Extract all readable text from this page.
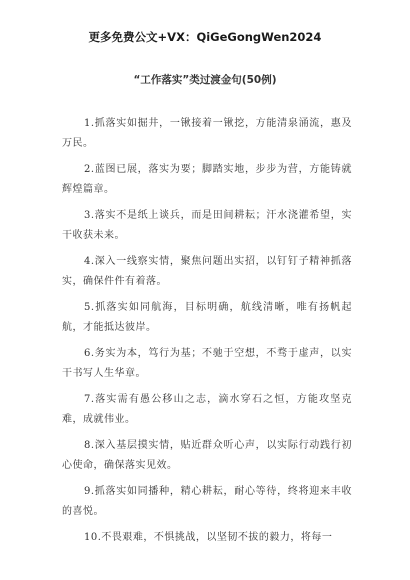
更多免费公文+VX：QiGeGongWen2024
“工作落实”类过渡金句(50例)

1.抓落实如掘井，一锹接着一锹挖，方能清泉涌流，惠及万民。

2.蓝图已展，落实为要；脚踏实地，步步为营，方能铸就辉煌篇章。

3.落实不是纸上谈兵，而是田间耕耘；汗水浇灌希望，实干收获未来。

4.深入一线察实情，聚焦问题出实招，以钉钉子精神抓落实，确保件件有着落。

5.抓落实如同航海，目标明确，航线清晰，唯有扬帆起航，才能抵达彼岸。

6.务实为本，笃行为基；不驰于空想，不骛于虚声，以实干书写人生华章。

7.落实需有愚公移山之志，滴水穿石之恒，方能攻坚克难，成就伟业。

8.深入基层摸实情，贴近群众听心声，以实际行动践行初心使命，确保落实见效。

9.抓落实如同播种，精心耕耘，耐心等待，终将迎来丰收的喜悦。

10.不畏艰难，不惧挑战，以坚韧不拔的毅力，将每一
